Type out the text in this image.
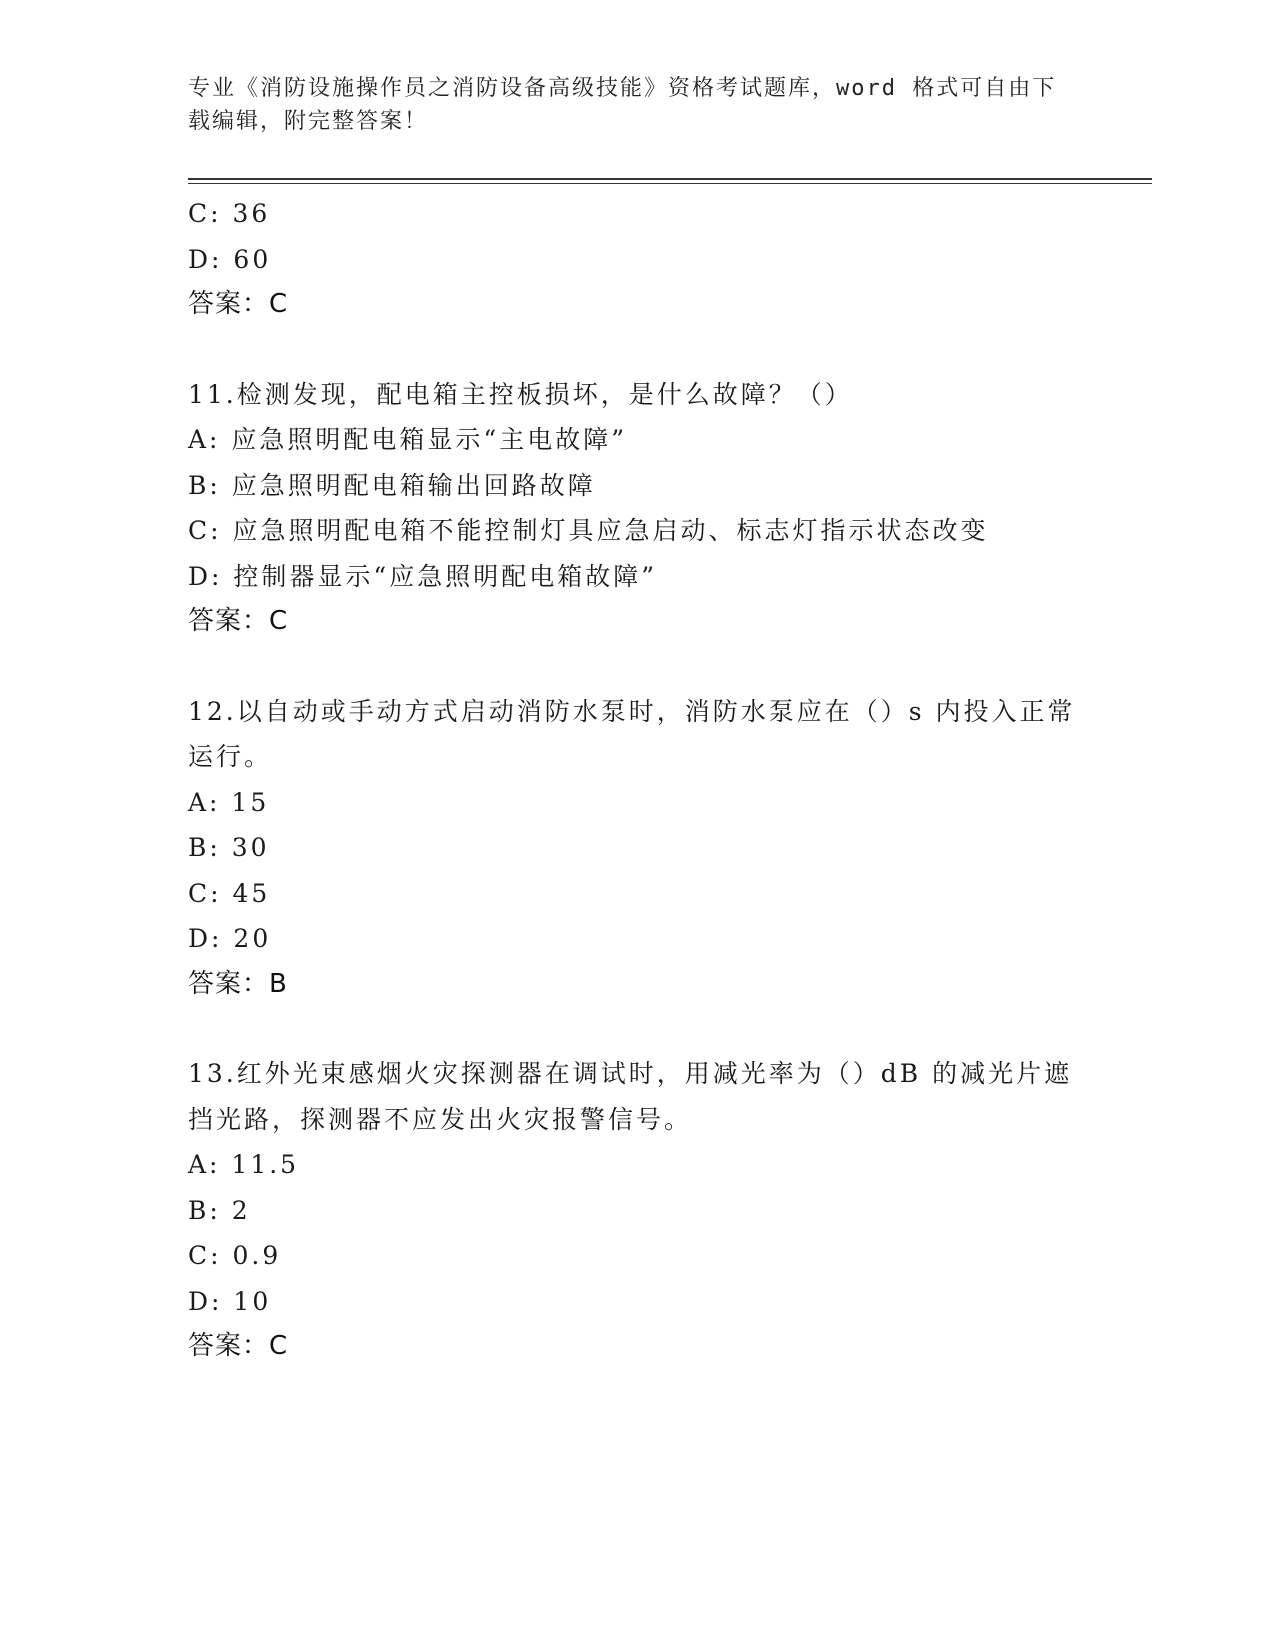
专业《消防设施操作员之消防设备高级技能》资格考试题库，word 格式可自由下载编辑，附完整答案！
C: 36
D: 60
答案：C
11.检测发现，配电箱主控板损坏，是什么故障？（）
A: 应急照明配电箱显示“主电故障”
B: 应急照明配电箱输出回路故障
C: 应急照明配电箱不能控制灯具应急启动、标志灯指示状态改变
D: 控制器显示“应急照明配电箱故障”
答案：C
12.以自动或手动方式启动消防水泵时，消防水泵应在（）s 内投入正常运行。
A: 15
B: 30
C: 45
D: 20
答案：B
13.红外光束感烟火灾探测器在调试时，用减光率为（）dB 的减光片遮挡光路，探测器不应发出火灾报警信号。
A: 11.5
B: 2
C: 0.9
D: 10
答案：C
